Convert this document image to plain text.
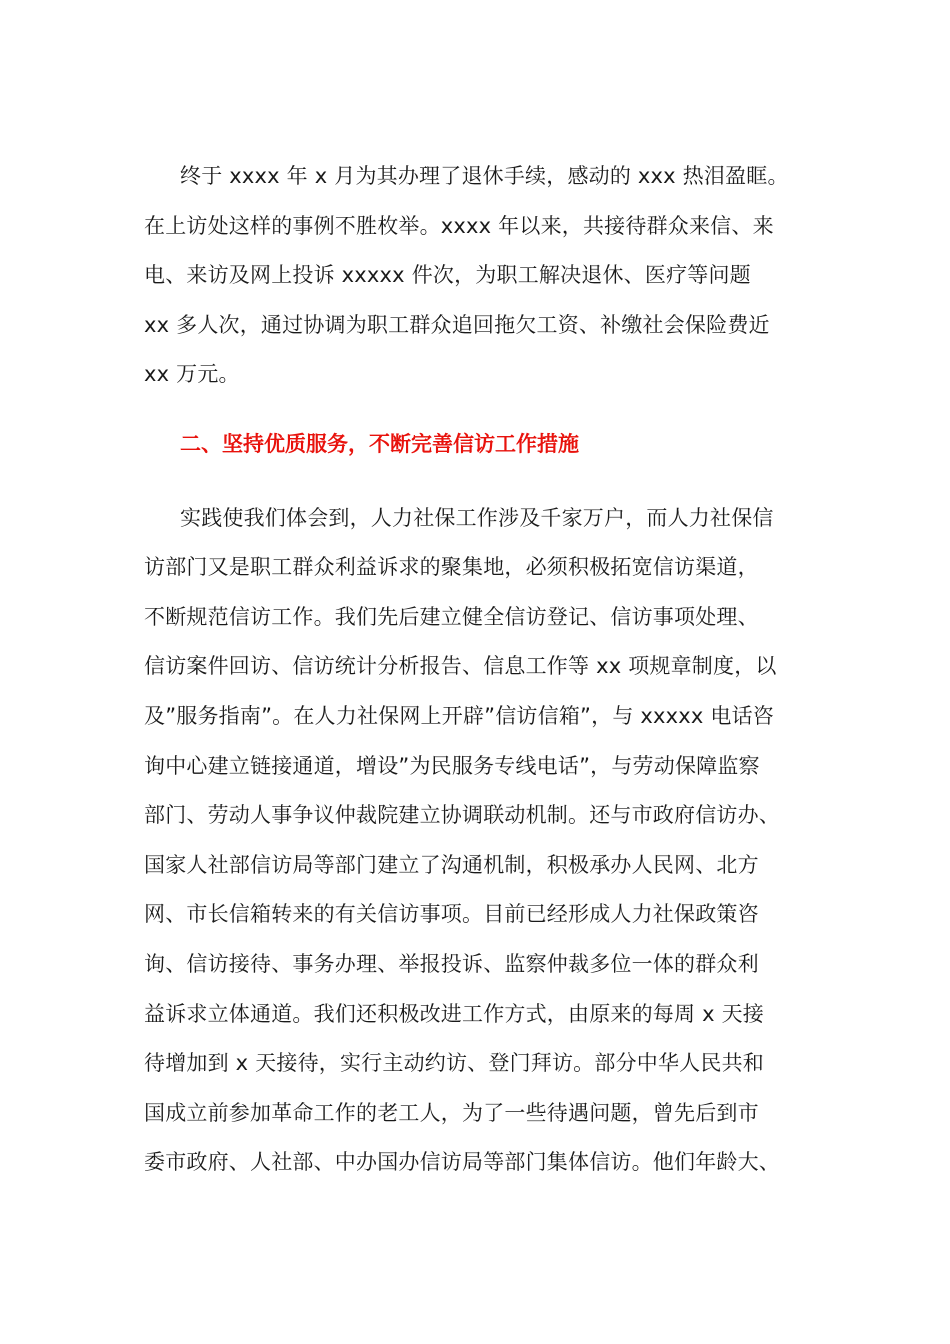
终于 xxxx 年 x 月为其办理了退休手续，感动的 xxx 热泪盈眶。
在上访处这样的事例不胜枚举。xxxx 年以来，共接待群众来信、来
电、来访及网上投诉 xxxxx 件次，为职工解决退休、医疗等问题
xx 多人次，通过协调为职工群众追回拖欠工资、补缴社会保险费近
xx 万元。

二、坚持优质服务，不断完善信访工作措施

实践使我们体会到，人力社保工作涉及千家万户，而人力社保信
访部门又是职工群众利益诉求的聚集地，必须积极拓宽信访渠道，
不断规范信访工作。我们先后建立健全信访登记、信访事项处理、
信访案件回访、信访统计分析报告、信息工作等 xx 项规章制度，以
及”服务指南”。在人力社保网上开辟”信访信箱”，与 xxxxx 电话咨
询中心建立链接通道，增设”为民服务专线电话”，与劳动保障监察
部门、劳动人事争议仲裁院建立协调联动机制。还与市政府信访办、
国家人社部信访局等部门建立了沟通机制，积极承办人民网、北方
网、市长信箱转来的有关信访事项。目前已经形成人力社保政策咨
询、信访接待、事务办理、举报投诉、监察仲裁多位一体的群众利
益诉求立体通道。我们还积极改进工作方式，由原来的每周 x 天接
待增加到 x 天接待，实行主动约访、登门拜访。部分中华人民共和
国成立前参加革命工作的老工人，为了一些待遇问题，曾先后到市
委市政府、人社部、中办国办信访局等部门集体信访。他们年龄大、
